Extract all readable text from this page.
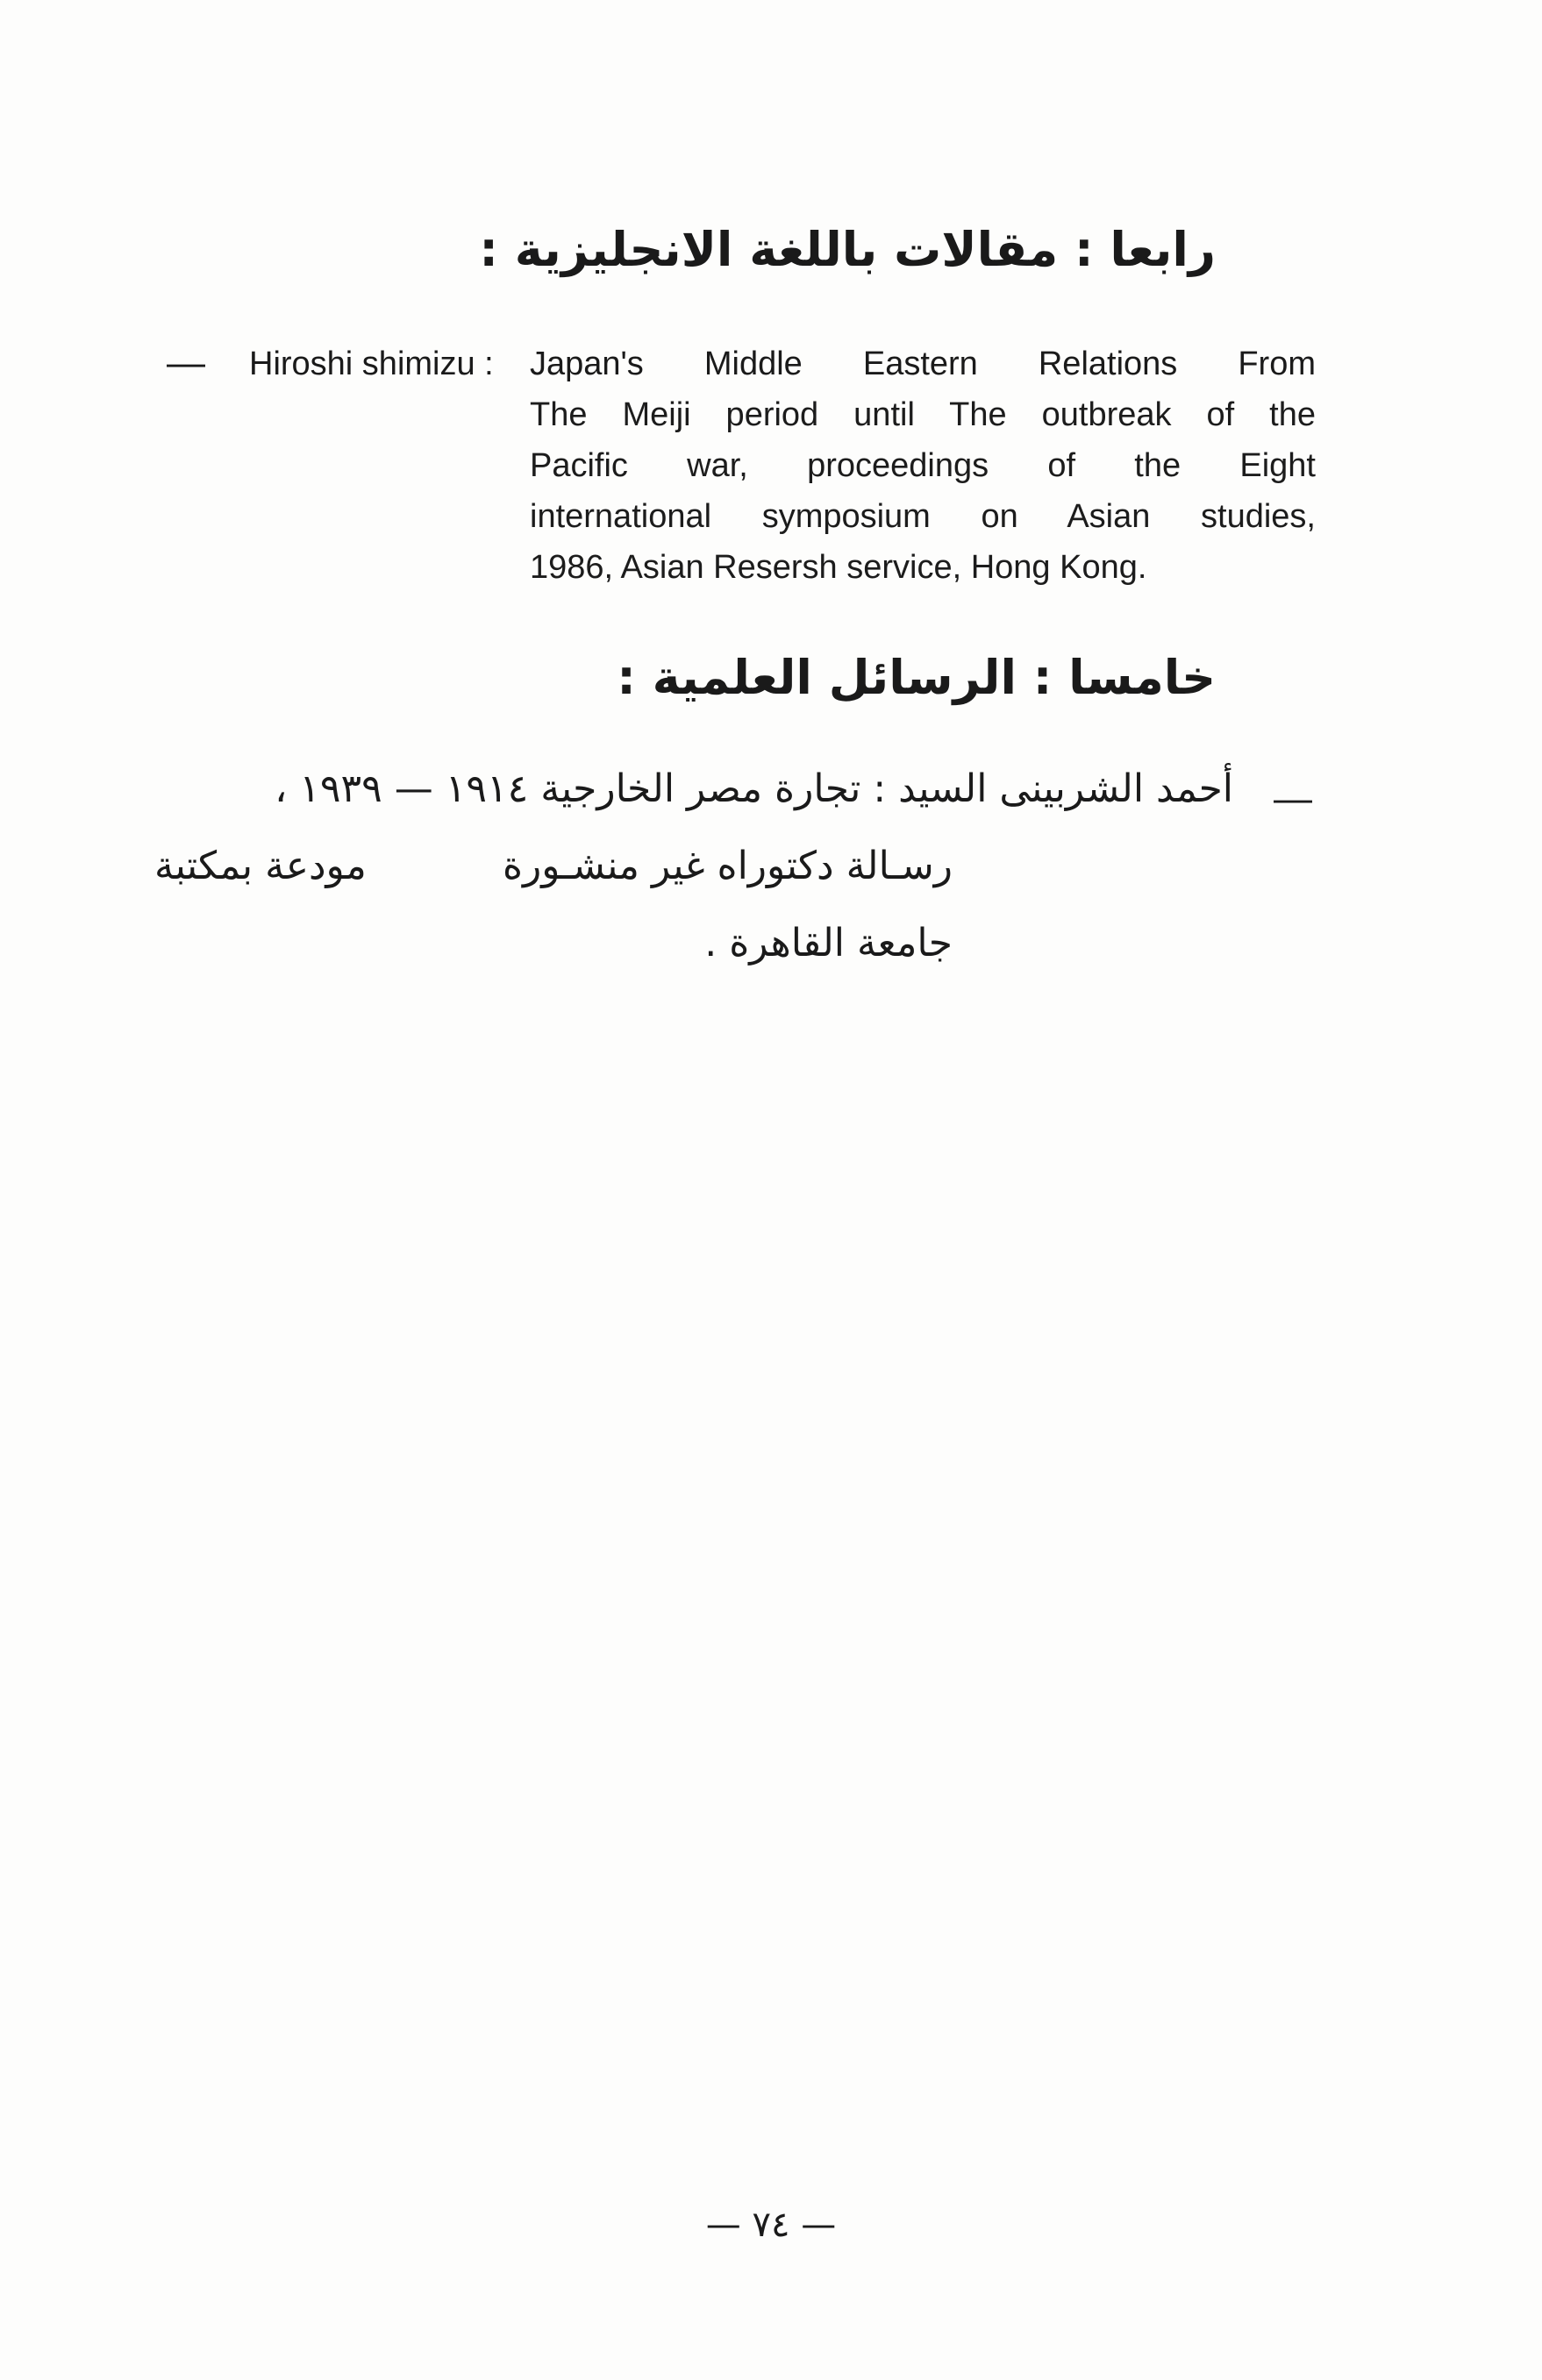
رابعا : مقالات باللغة الانجليزية :
— Hiroshi shimizu : Japan's Middle Eastern Relations From
The Meiji period until The outbreak of the
Pacific war, proceedings of the Eight
international symposium on Asian studies,
1986, Asian Resersh service, Hong Kong.
خامسا : الرسائل العلمية :
—
أحمد الشربينى السيد : تجارة مصر الخارجية ١٩١٤ — ١٩٣٩ ،
رسـالة دكتوراه غير منشـورة
مودعة بمكتبة
جامعة القاهرة .
— ٧٤ —
